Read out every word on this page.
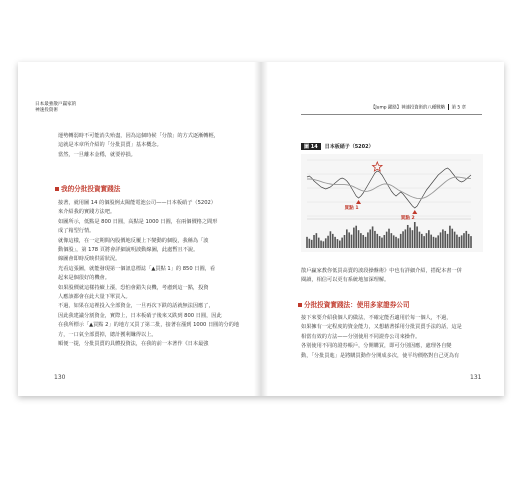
日本最強散戶贏家的
神速投資術
運勢轉弱時不可能消失殆盡，因為這個時候「分散」的方式逐漸轉輕，
這就是本章所介紹的「分批買賣」基本概念。
當然，一旦離本金穩，就要停損。
我的分批投資實踐法
接著，就用圖 14 的個股例太陽能電池公司——日本板硝子（5202）
來介紹我的實踐方法吧。
如圖所示，低點是 800 日圓，高點是 1000 日圓，在兩個價格之間形
成了箱型行情。
就像這樣，在一定期間內股價地反覆上下變動的個股，我稱為「波
動個股」，第 178 頁將會詳細說明波動線圖，此處暫且不說。
線圖會即時反映供需狀況。
光看這張圖，就能發現第一個訊息標誌「▲買點 1」的 850 日圓，看
起來是個很好的機會。
如果股價就這樣持續上漲，恐怕會錯失良機，考慮到這一點，投資
人應該都會在此大量下單買入。
不過，如果在這裡投入全部資金，一旦再次下跌的話就無法因應了，
因此我建議分割資金，實際上，日本板硝子後來又跌到 800 日圓，因此
在我所標示「▲買點 2」的地方又買了第二批，接著在漲到 1000 日圓的分的地
方，一口氣全部賣掉，總計獲利賺得以上。
順便一提，分批買賣的具體投資法，在我的前一本著作《日本最強
130
【Jump 躍路】神速投資術的八種戰略 第 5 章
圖 14 日本板硝子（5202）
買點 1
買點 2
散戶贏家教你低買高賣的波段操盤術》中也有詳細介紹，搭配本書一併
閱讀，相信可以更有系統地加深理解。
分批投資實踐法：使用多家證券公司
接下來要介紹我個人的做法，不確定能否適用於每一個人，不過，
如果擁有一定程度的資金能力，又想藉著採用分批買賣手法的話，這是
相當有效的方法——分別使用不同證券公司來操作。
各別使用不同的證券帳戶，分開購買，即可分別因應，處理各自變
動，「分批買進」是將購買動作分開成多次，使平均價格對自己更為有
131
